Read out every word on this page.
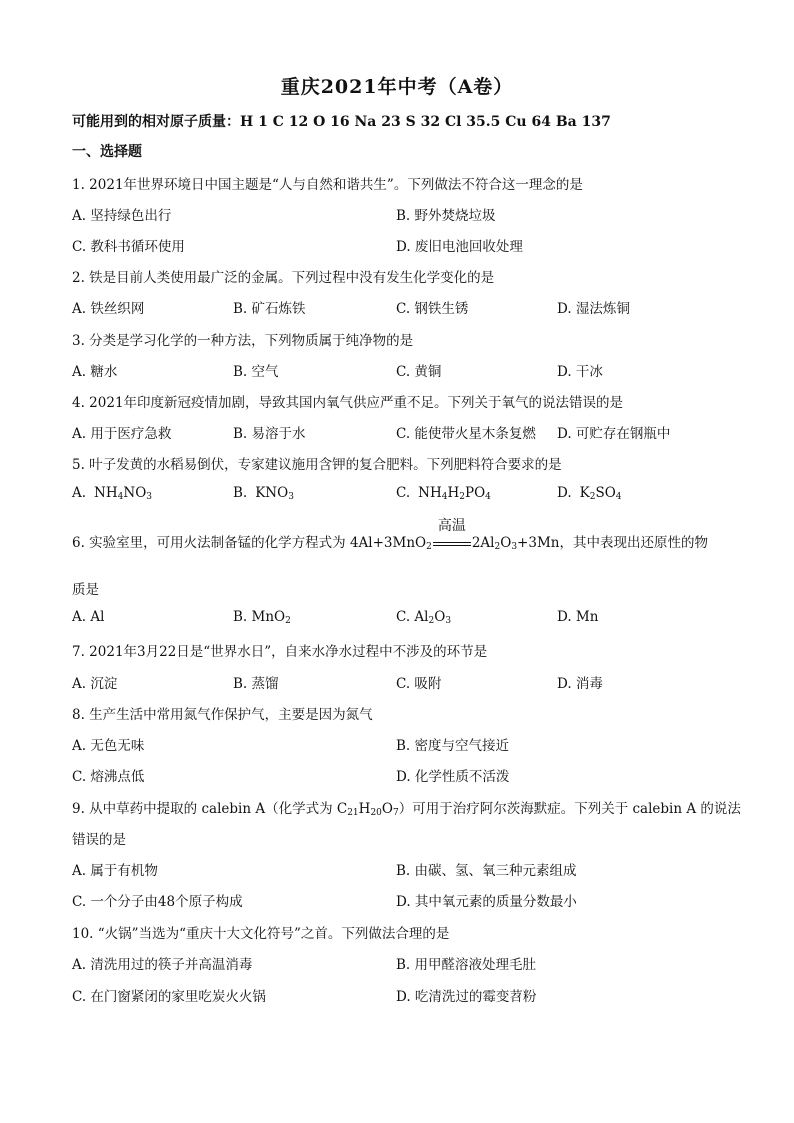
重庆2021年中考（A卷）
可能用到的相对原子质量：H 1 C 12 O 16 Na 23 S 32 Cl 35.5 Cu 64 Ba 137
一、选择题
1. 2021年世界环境日中国主题是“人与自然和谐共生”。下列做法不符合这一理念的是
A. 坚持绿色出行	B. 野外焚烧垃圾
C. 教科书循环使用	D. 废旧电池回收处理
2. 铁是目前人类使用最广泛的金属。下列过程中没有发生化学变化的是
A. 铁丝织网	B. 矿石炼铁	C. 钢铁生锈	D. 湿法炼铜
3. 分类是学习化学的一种方法，下列物质属于纯净物的是
A. 糖水	B. 空气	C. 黄铜	D. 干冰
4. 2021年印度新冠疫情加剧，导致其国内氧气供应严重不足。下列关于氧气的说法错误的是
A. 用于医疗急救	B. 易溶于水	C. 能使带火星木条复燃 D. 可贮存在钢瓶中
5. 叶子发黄的水稻易倒伏，专家建议施用含钾的复合肥料。下列肥料符合要求的是
A. $NH_4NO_3$	B. $KNO_3$	C. $NH_4H_2PO_4$	D. $K_2SO_4$
6. 实验室里，可用火法制备锰的化学方程式为 4Al+3MnO$_2$
高温
$2Al_2O_3+3Mn$，其中表现出还原性的物
质是
A. Al	B. MnO$_2$	C. $Al_2O_3$	D. Mn
7. 2021年3月22日是“世界水日”，自来水净水过程中不涉及的环节是
A. 沉淀	B. 蒸馏	C. 吸附	D. 消毒
8. 生产生活中常用氮气作保护气，主要是因为氮气
A. 无色无味	B. 密度与空气接近
C. 熔沸点低	D. 化学性质不活泼
9. 从中草药中提取的 calebin A（化学式为 $C_{21}H_{20}O_7$）可用于治疗阿尔茨海默症。下列关于 calebin A 的说法
错误的是
A. 属于有机物	B. 由碳、氢、氧三种元素组成
C. 一个分子由48个原子构成	D. 其中氧元素的质量分数最小
10. “火锅”当选为“重庆十大文化符号”之首。下列做法合理的是
A. 清洗用过的筷子并高温消毒	B. 用甲醛溶液处理毛肚
C. 在门窗紧闭的家里吃炭火火锅	D. 吃清洗过的霉变苕粉
